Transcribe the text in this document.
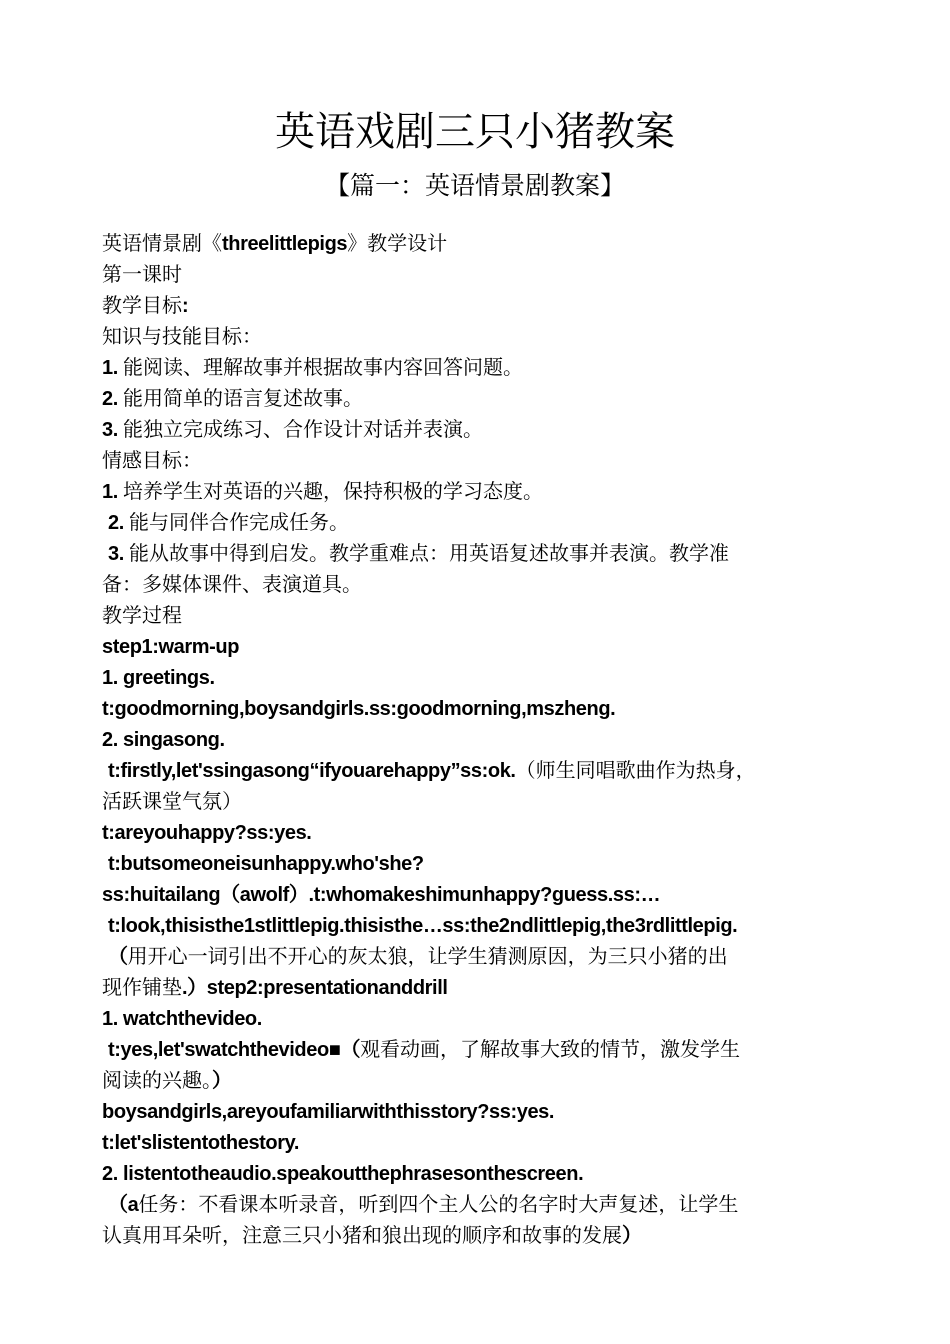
英语戏剧三只小猪教案
【篇一：英语情景剧教案】
英语情景剧《threelittlepigs》教学设计
第一课时
教学目标:
知识与技能目标：
1. 能阅读、理解故事并根据故事内容回答问题。
2. 能用简单的语言复述故事。
3. 能独立完成练习、合作设计对话并表演。
情感目标：
1. 培养学生对英语的兴趣，保持积极的学习态度。
2. 能与同伴合作完成任务。
3. 能从故事中得到启发。教学重难点：用英语复述故事并表演。教学准
备：多媒体课件、表演道具。
教学过程
step1:warm-up
1. greetings.
t:goodmorning,boysandgirls.ss:goodmorning,mszheng.
2. singasong.
t:firstly,let'ssingasong“ifyouarehappy”ss:ok.（师生同唱歌曲作为热身，
活跃课堂气氛）
t:areyouhappy?ss:yes.
t:butsomeoneisunhappy.who'she?
ss:huitailang（awolf）.t:whomakeshimunhappy?guess.ss:…
t:look,thisisthe1stlittlepig.thisisthe…ss:the2ndlittlepig,the3rdlittlepig.
（用开心一词引出不开心的灰太狼，让学生猜测原因，为三只小猪的出
现作铺垫.）step2:presentationanddrill
1. watchthevideo.
t:yes,let'swatchthevideo■（观看动画，了解故事大致的情节，激发学生
阅读的兴趣。）
boysandgirls,areyoufamiliarwiththisstory?ss:yes.
t:let'slistentothestory.
2. listentotheaudio.speakoutthephrasesonthescreen.
（a任务：不看课本听录音，听到四个主人公的名字时大声复述，让学生
认真用耳朵听，注意三只小猪和狼出现的顺序和故事的发展）
